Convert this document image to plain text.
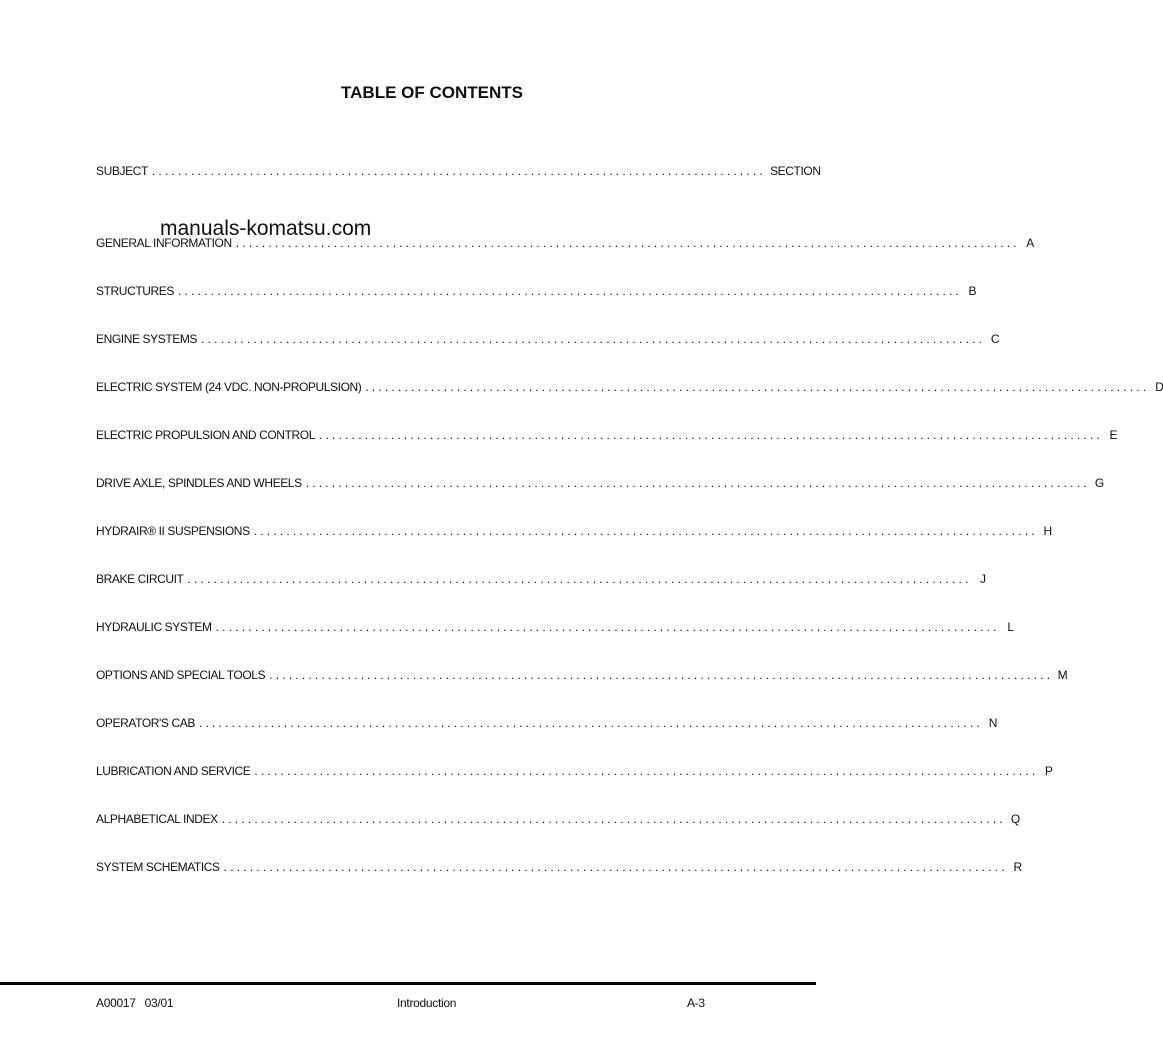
TABLE OF CONTENTS
SUBJECT .............................................................................................. SECTION
GENERAL INFORMATION ........................................................................................................................ A
STRUCTURES ........................................................................................................................ B
ENGINE SYSTEMS ........................................................................................................................ C
ELECTRIC SYSTEM (24 VDC. NON-PROPULSION) ........................................................................................................................ D
ELECTRIC PROPULSION AND CONTROL ........................................................................................................................ E
DRIVE AXLE, SPINDLES AND WHEELS ........................................................................................................................ G
HYDRAIR® II SUSPENSIONS ........................................................................................................................ H
BRAKE CIRCUIT ........................................................................................................................ J
HYDRAULIC SYSTEM ........................................................................................................................ L
OPTIONS AND SPECIAL TOOLS ........................................................................................................................ M
OPERATOR'S CAB ........................................................................................................................ N
LUBRICATION AND SERVICE ........................................................................................................................ P
ALPHABETICAL INDEX ........................................................................................................................ Q
SYSTEM SCHEMATICS ........................................................................................................................ R
manuals-komatsu.com
A00017   03/01	Introduction	A-3
